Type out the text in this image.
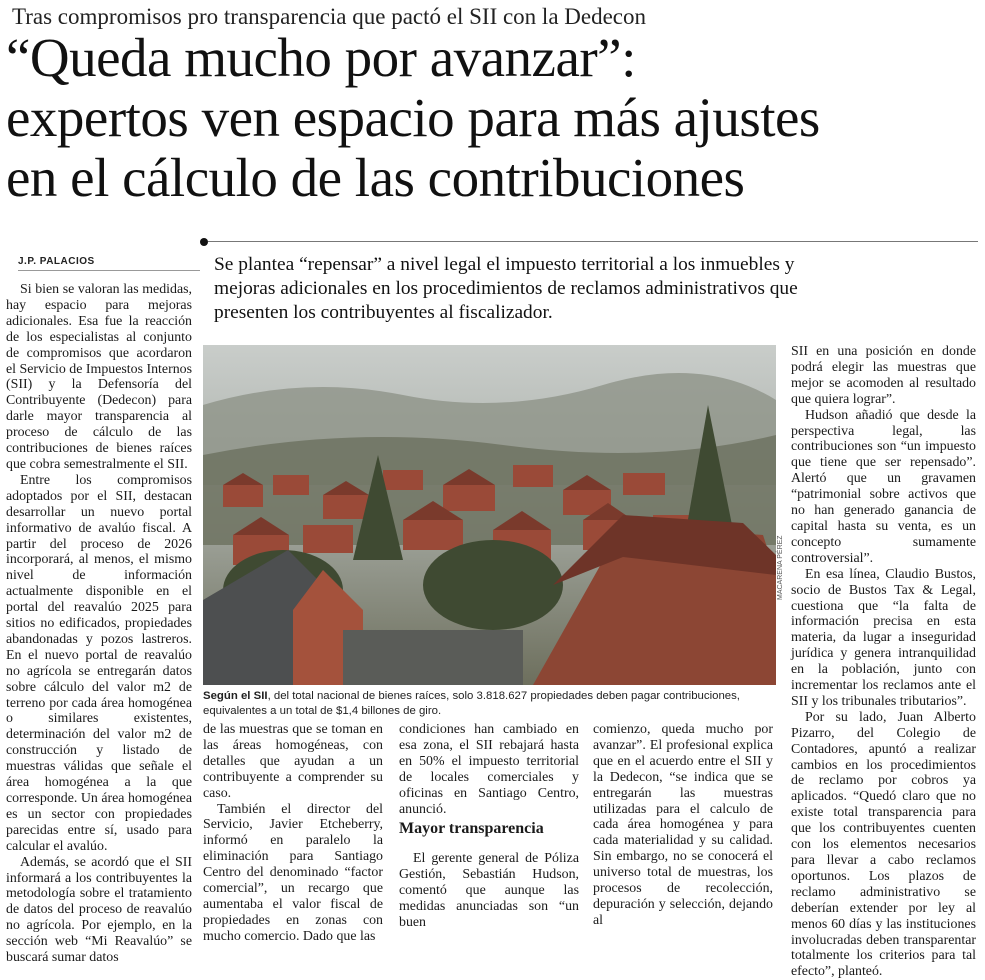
Tras compromisos pro transparencia que pactó el SII con la Dedecon
“Queda mucho por avanzar”:
expertos ven espacio para más ajustes
en el cálculo de las contribuciones
J.P. PALACIOS	Se plantea “repensar” a nivel legal el impuesto territorial a los inmuebles y mejoras adicionales en los procedimientos de reclamos administrativos que presenten los contribuyentes al fiscalizador.

Si bien se valoran las medidas, hay espacio para mejoras adicionales. Esa fue la reacción de los especialistas al conjunto de compromisos que acordaron el Servicio de Impuestos Internos (SII) y la Defensoría del Contribuyente (Dedecon) para darle mayor transparencia al proceso de cálculo de las contribuciones de bienes raíces que cobra semestralmente el SII.

Entre los compromisos adoptados por el SII, destacan desarrollar un nuevo portal informativo de avalúo fiscal. A partir del proceso de 2026 incorporará, al menos, el mismo nivel de información actualmente disponible en el portal del reavalúo 2025 para sitios no edificados, propiedades abandonadas y pozos lastreros. En el nuevo portal de reavalúo no agrícola se entregarán datos sobre cálculo del valor m2 de terreno por cada área homogénea o similares existentes, determinación del valor m2 de construcción y listado de muestras válidas que señale el área homogénea a la que corresponde. Un área homogénea es un sector con propiedades parecidas entre sí, usado para calcular el avalúo.

Además, se acordó que el SII informará a los contribuyentes la metodología sobre el tratamiento de datos del proceso de reavalúo no agrícola. Por ejemplo, en la sección web “Mi Reavalúo” se buscará sumar datos

MACARENA PÉREZ
Según el SII, del total nacional de bienes raíces, solo 3.818.627 propiedades deben pagar contribuciones, equivalentes a un total de $1,4 billones de giro.

de las muestras que se toman en las áreas homogéneas, con detalles que ayudan a un contribuyente a comprender su caso.

También el director del Servicio, Javier Etcheberry, informó en paralelo la eliminación para Santiago Centro del denominado “factor comercial”, un recargo que aumentaba el valor fiscal de propiedades en zonas con mucho comercio. Dado que las

condiciones han cambiado en esa zona, el SII rebajará hasta en 50% el impuesto territorial de locales comerciales y oficinas en Santiago Centro, anunció.

Mayor transparencia

El gerente general de Póliza Gestión, Sebastián Hudson, comentó que aunque las medidas anunciadas son “un buen

comienzo, queda mucho por avanzar”. El profesional explica que en el acuerdo entre el SII y la Dedecon, “se indica que se entregarán las muestras utilizadas para el calculo de cada área homogénea y para cada materialidad y su calidad. Sin embargo, no se conocerá el universo total de muestras, los procesos de recolección, depuración y selección, dejando al

SII en una posición en donde podrá elegir las muestras que mejor se acomoden al resultado que quiera lograr”.

Hudson añadió que desde la perspectiva legal, las contribuciones son “un impuesto que tiene que ser repensado”. Alertó que un gravamen “patrimonial sobre activos que no han generado ganancia de capital hasta su venta, es un concepto sumamente controversial”.

En esa línea, Claudio Bustos, socio de Bustos Tax & Legal, cuestiona que “la falta de información precisa en esta materia, da lugar a inseguridad jurídica y genera intranquilidad en la población, junto con incrementar los reclamos ante el SII y los tribunales tributarios”.

Por su lado, Juan Alberto Pizarro, del Colegio de Contadores, apuntó a realizar cambios en los procedimientos de reclamo por cobros ya aplicados. “Quedó claro que no existe total transparencia para que los contribuyentes cuenten con los elementos necesarios para llevar a cabo reclamos oportunos. Los plazos de reclamo administrativo se deberían extender por ley al menos 60 días y las instituciones involucradas deben transparentar totalmente los criterios para tal efecto”, planteó.
